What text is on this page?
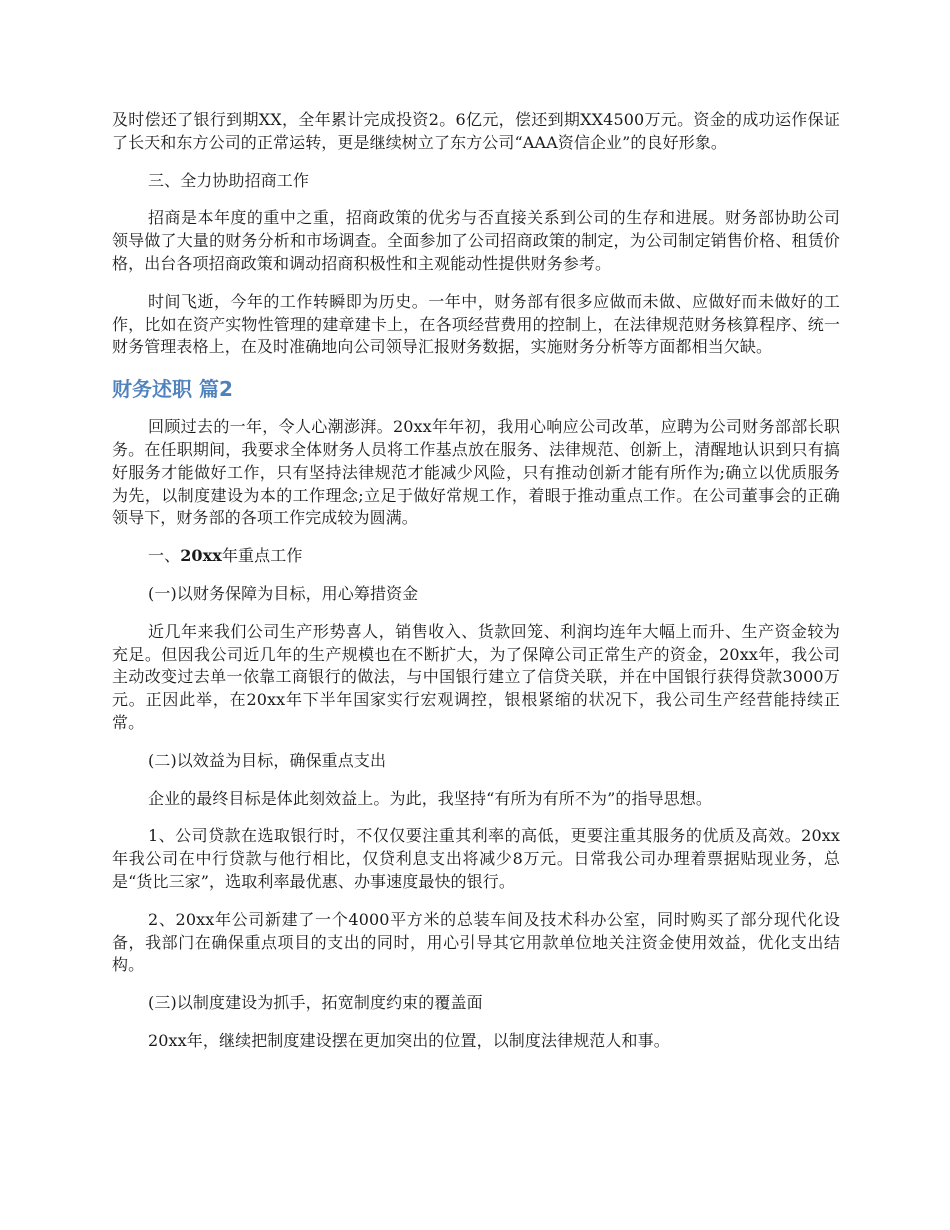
及时偿还了银行到期XX，全年累计完成投资2。6亿元，偿还到期XX4500万元。资金的成功运作保证了长天和东方公司的正常运转，更是继续树立了东方公司“AAA资信企业”的良好形象。

三、全力协助招商工作

招商是本年度的重中之重，招商政策的优劣与否直接关系到公司的生存和进展。财务部协助公司领导做了大量的财务分析和市场调查。全面参加了公司招商政策的制定，为公司制定销售价格、租赁价格，出台各项招商政策和调动招商积极性和主观能动性提供财务参考。

时间飞逝，今年的工作转瞬即为历史。一年中，财务部有很多应做而未做、应做好而未做好的工作，比如在资产实物性管理的建章建卡上，在各项经营费用的控制上，在法律规范财务核算程序、统一财务管理表格上，在及时准确地向公司领导汇报财务数据，实施财务分析等方面都相当欠缺。

财务述职 篇2

回顾过去的一年，令人心潮澎湃。20xx年年初，我用心响应公司改革，应聘为公司财务部部长职务。在任职期间，我要求全体财务人员将工作基点放在服务、法律规范、创新上，清醒地认识到只有搞好服务才能做好工作，只有坚持法律规范才能减少风险，只有推动创新才能有所作为;确立以优质服务为先，以制度建设为本的工作理念;立足于做好常规工作，着眼于推动重点工作。在公司董事会的正确领导下，财务部的各项工作完成较为圆满。

一、20xx年重点工作

(一)以财务保障为目标，用心筹措资金

近几年来我们公司生产形势喜人，销售收入、货款回笼、利润均连年大幅上而升、生产资金较为充足。但因我公司近几年的生产规模也在不断扩大，为了保障公司正常生产的资金，20xx年，我公司主动改变过去单一依靠工商银行的做法，与中国银行建立了信贷关联，并在中国银行获得贷款3000万元。正因此举，在20xx年下半年国家实行宏观调控，银根紧缩的状况下，我公司生产经营能持续正常。

(二)以效益为目标，确保重点支出

企业的最终目标是体此刻效益上。为此，我坚持“有所为有所不为”的指导思想。

1、公司贷款在选取银行时，不仅仅要注重其利率的高低，更要注重其服务的优质及高效。20xx年我公司在中行贷款与他行相比，仅贷利息支出将减少8万元。日常我公司办理着票据贴现业务，总是“货比三家”，选取利率最优惠、办事速度最快的银行。

2、20xx年公司新建了一个4000平方米的总装车间及技术科办公室，同时购买了部分现代化设备，我部门在确保重点项目的支出的同时，用心引导其它用款单位地关注资金使用效益，优化支出结构。

(三)以制度建设为抓手，拓宽制度约束的覆盖面

20xx年，继续把制度建设摆在更加突出的位置，以制度法律规范人和事。
